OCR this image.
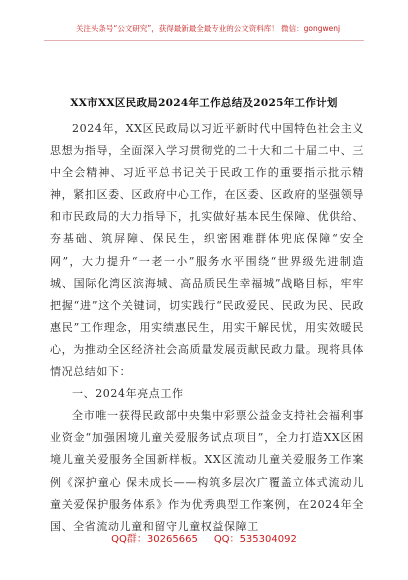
关注头条号“公文研究”，获得最新最全最专业的公文资料库！ 微信：gongwenj
XX市XX区民政局2024年工作总结及2025年工作计划

2024年，XX区民政局以习近平新时代中国特色社会主义思想为指导，全面深入学习贯彻党的二十大和二十届二中、三中全会精神、习近平总书记关于民政工作的重要指示批示精神，紧扣区委、区政府中心工作，在区委、区政府的坚强领导和市民政局的大力指导下，扎实做好基本民生保障、优供给、夯基础、筑屏障、保民生，织密困难群体兜底保障“安全网”，大力提升“一老一小”服务水平围绕“世界级先进制造城、国际化湾区滨海城、高品质民生幸福城”战略目标，牢牢把握“进”这个关键词，切实践行“民政爱民、民政为民、民政惠民”工作理念，用实绩惠民生，用实干解民忧，用实效暖民心，为推动全区经济社会高质量发展贡献民政力量。现将具体情况总结如下：

一、2024年亮点工作

全市唯一获得民政部中央集中彩票公益金支持社会福利事业资金“加强困境儿童关爱服务试点项目”，全力打造XX区困境儿童关爱服务全国新样板。XX区流动儿童关爱服务工作案例《深护童心 保未成长——构筑多层次广覆盖立体式流动儿童关爱保护服务体系》作为优秀典型工作案例，在2024年全国、全省流动儿童和留守儿童权益保障工

QQ群：30265665 QQ：535304092
